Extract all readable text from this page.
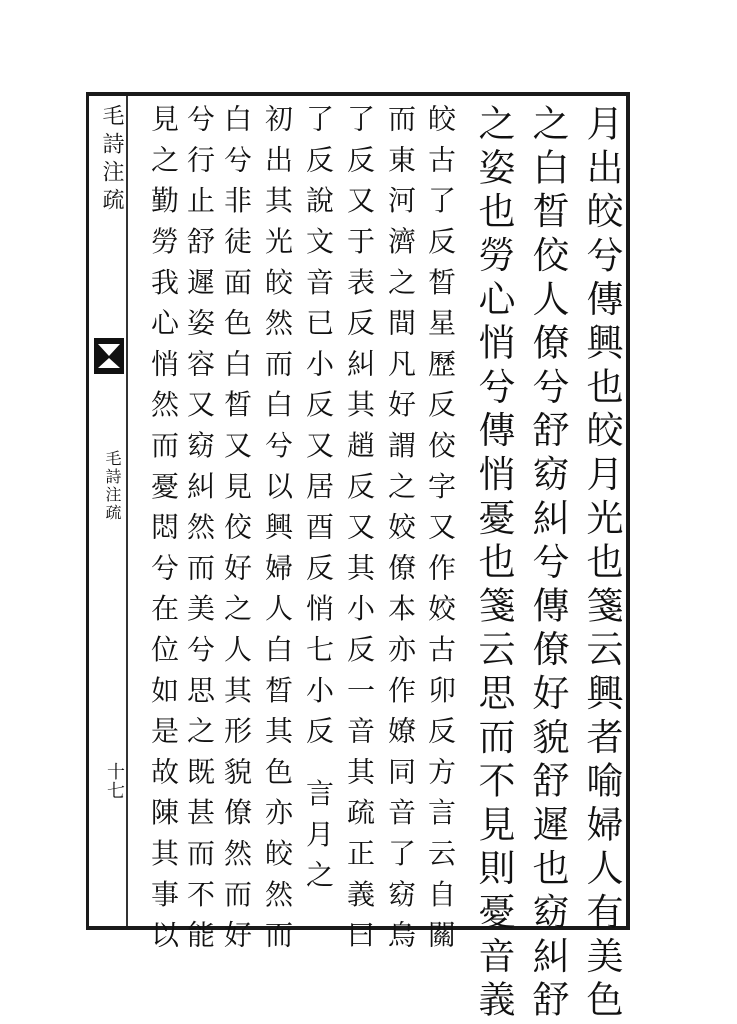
毛詩注疏
毛詩注疏
十七	月出皎兮傳興也皎月光也箋云興者喻婦人有美色
之白晳佼人僚兮舒窈糾兮傳僚好貌舒遲也窈糾舒
之姿也勞心悄兮傳悄憂也箋云思而不見則憂音義
皎古了反晳星歷反佼字又作姣古卯反方言云自關
而東河濟之間凡好謂之姣僚本亦作嫽同音了窈烏
了反又于表反糾其趙反又其小反一音其疏正義曰
了反說文音已小反又居酉反悄七小反 言月之
初出其光皎然而白兮以興婦人白晳其色亦皎然而
白兮非徒面色白晳又見佼好之人其形貌僚然而好
兮行止舒遲姿容又窈糾然而美兮思之既甚而不能
見之勤勞我心悄然而憂悶兮在位如是故陳其事以
